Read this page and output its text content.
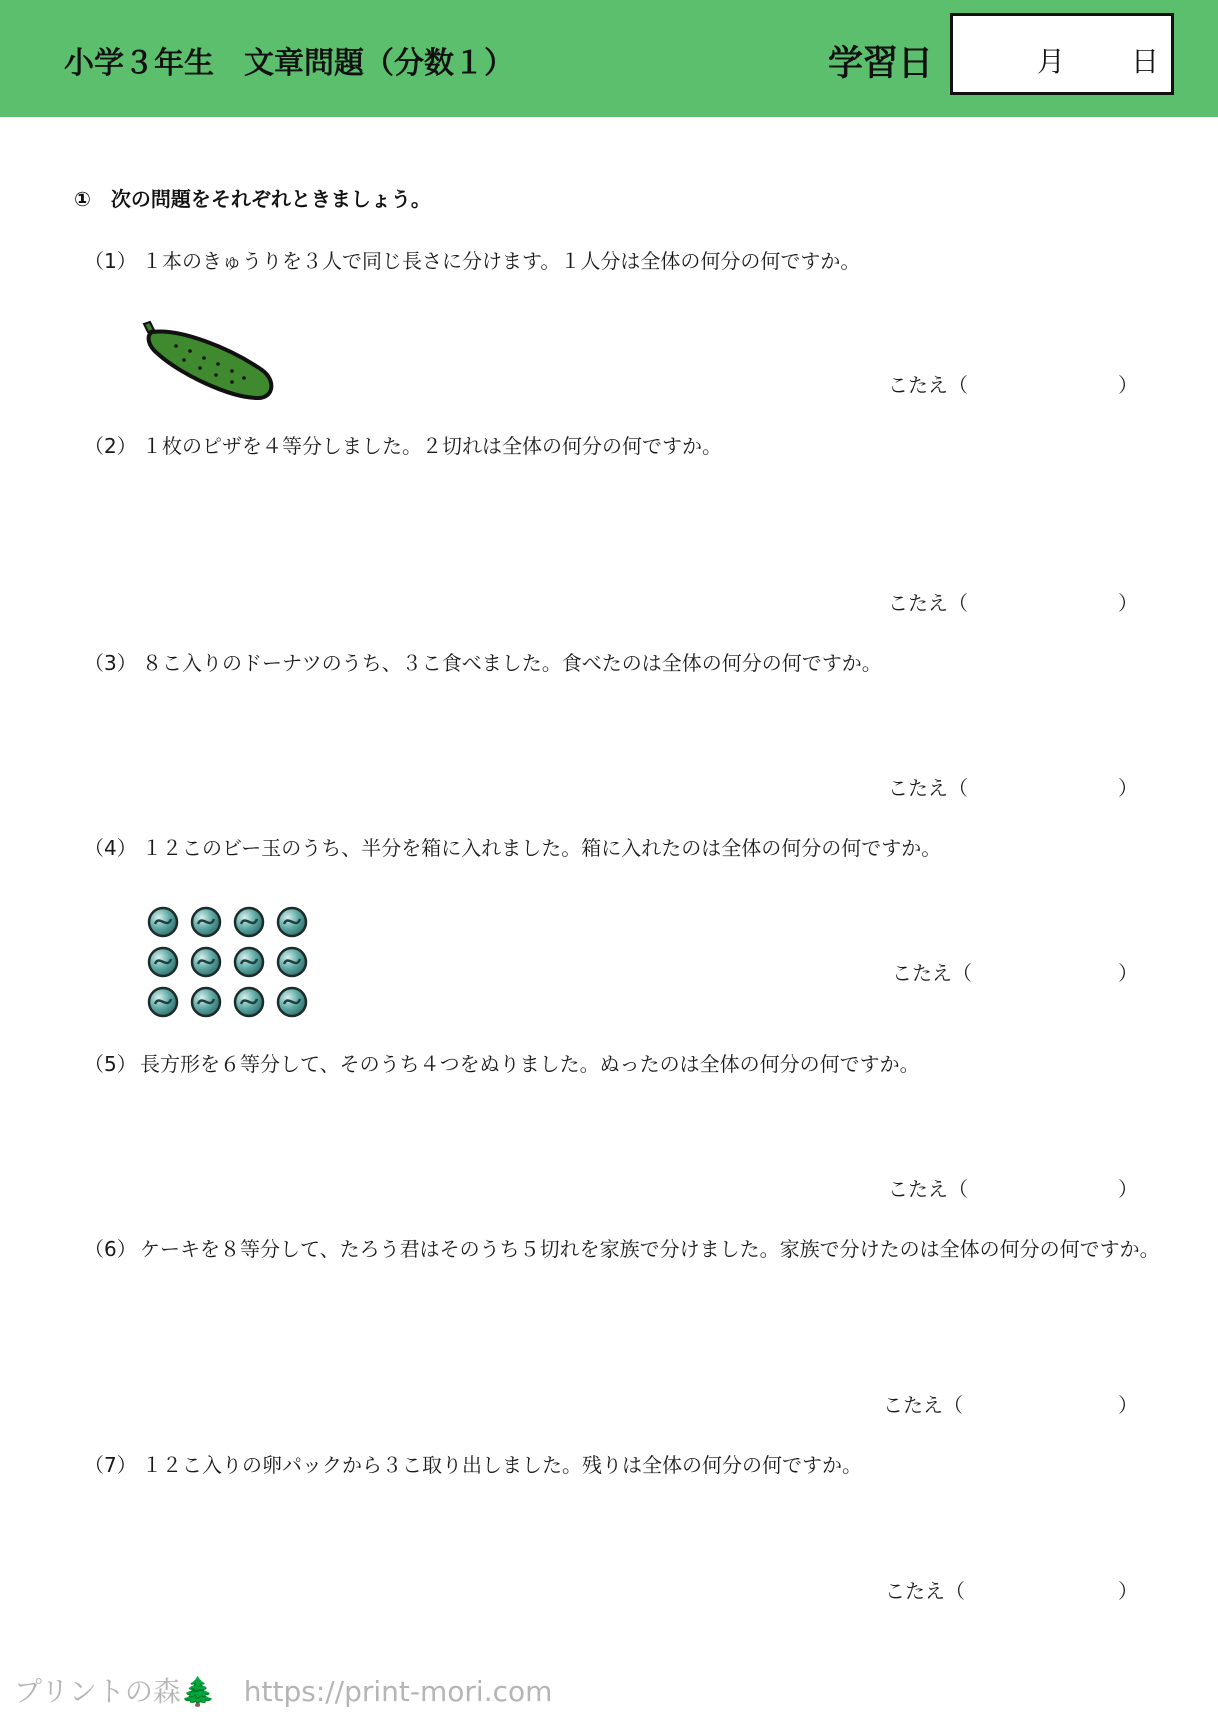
小学３年生　文章問題（分数１）	学習日	月 日
①　次の問題をそれぞれときましょう。
（1） １本のきゅうりを３人で同じ長さに分けます。１人分は全体の何分の何ですか。
こたえ（	）
（2） １枚のピザを４等分しました。２切れは全体の何分の何ですか。
こたえ（	）
（3） ８こ入りのドーナツのうち、３こ食べました。食べたのは全体の何分の何ですか。
こたえ（	）
（4） １２このビー玉のうち、半分を箱に入れました。箱に入れたのは全体の何分の何ですか。
こたえ（	）
（5） 長方形を６等分して、そのうち４つをぬりました。ぬったのは全体の何分の何ですか。
こたえ（	）
（6） ケーキを８等分して、たろう君はそのうち５切れを家族で分けました。家族で分けたのは全体の何分の何ですか。
こたえ（	）
（7） １２こ入りの卵パックから３こ取り出しました。残りは全体の何分の何ですか。
こたえ（	）
プリントの森🌲 https://print-mori.com
